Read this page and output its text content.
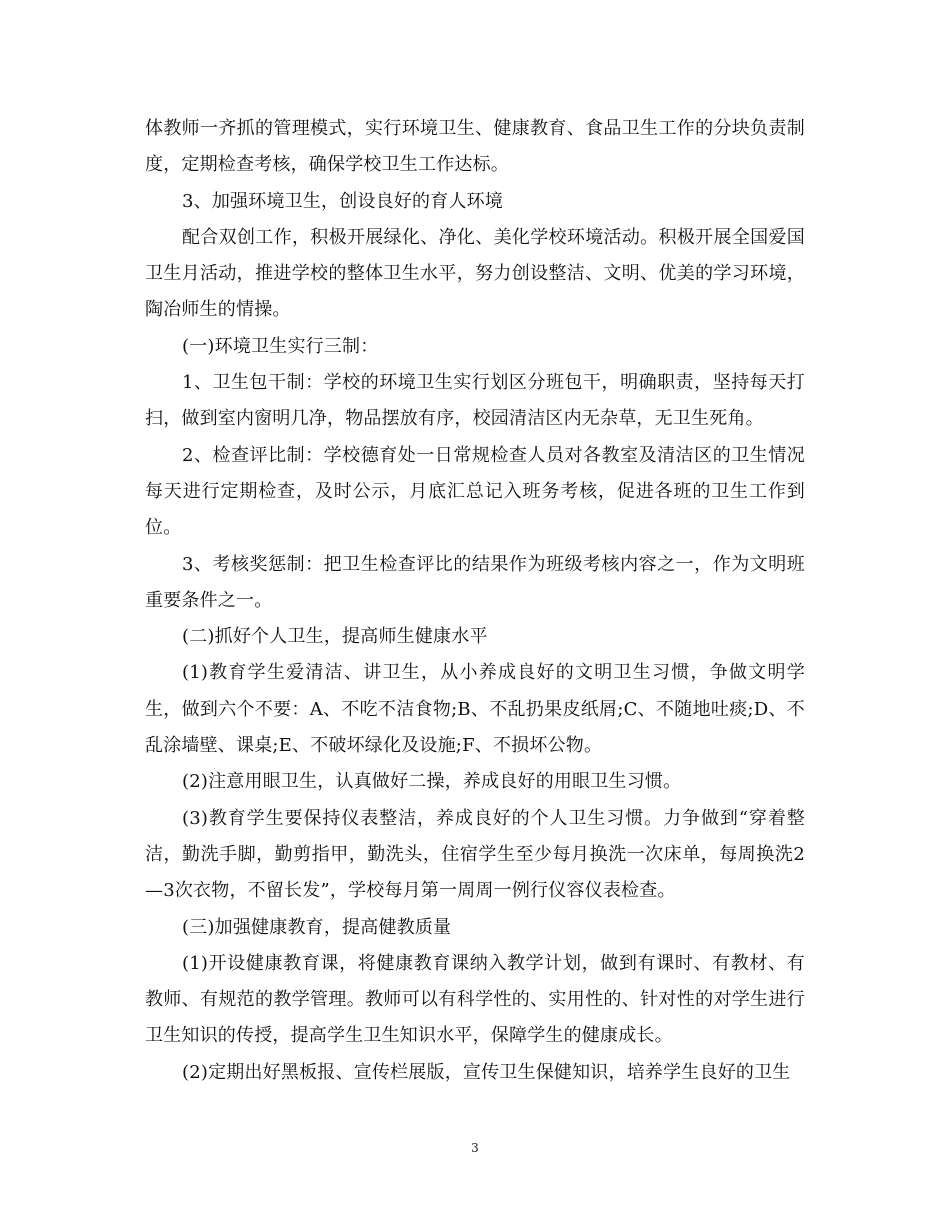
体教师一齐抓的管理模式，实行环境卫生、健康教育、食品卫生工作的分块负责制度，定期检查考核，确保学校卫生工作达标。

3、加强环境卫生，创设良好的育人环境

配合双创工作，积极开展绿化、净化、美化学校环境活动。积极开展全国爱国卫生月活动，推进学校的整体卫生水平，努力创设整洁、文明、优美的学习环境，陶冶师生的情操。

(一)环境卫生实行三制：

1、卫生包干制：学校的环境卫生实行划区分班包干，明确职责，坚持每天打扫，做到室内窗明几净，物品摆放有序，校园清洁区内无杂草，无卫生死角。

2、检查评比制：学校德育处一日常规检查人员对各教室及清洁区的卫生情况每天进行定期检查，及时公示，月底汇总记入班务考核，促进各班的卫生工作到位。

3、考核奖惩制：把卫生检查评比的结果作为班级考核内容之一，作为文明班重要条件之一。

(二)抓好个人卫生，提高师生健康水平

(1)教育学生爱清洁、讲卫生，从小养成良好的文明卫生习惯，争做文明学生，做到六个不要：A、不吃不洁食物;B、不乱扔果皮纸屑;C、不随地吐痰;D、不乱涂墙壁、课桌;E、不破坏绿化及设施;F、不损坏公物。

(2)注意用眼卫生，认真做好二操，养成良好的用眼卫生习惯。

(3)教育学生要保持仪表整洁，养成良好的个人卫生习惯。力争做到“穿着整洁，勤洗手脚，勤剪指甲，勤洗头，住宿学生至少每月换洗一次床单，每周换洗2—3次衣物，不留长发”，学校每月第一周周一例行仪容仪表检查。

(三)加强健康教育，提高健教质量

(1)开设健康教育课，将健康教育课纳入教学计划，做到有课时、有教材、有教师、有规范的教学管理。教师可以有科学性的、实用性的、针对性的对学生进行卫生知识的传授，提高学生卫生知识水平，保障学生的健康成长。

(2)定期出好黑板报、宣传栏展版，宣传卫生保健知识，培养学生良好的卫生

3
